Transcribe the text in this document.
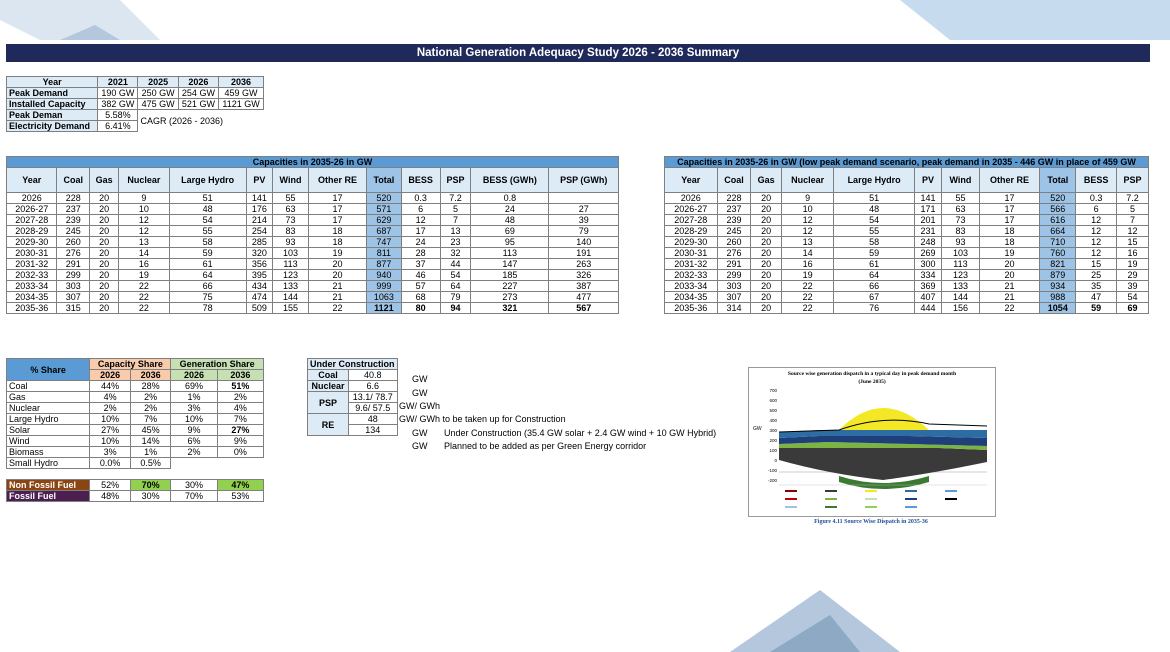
National Generation Adequacy Study 2026 - 2036 Summary
Year	2021	2025	2026	2036
Peak Demand	190 GW	250 GW	254 GW	459 GW
Installed Capacity	382 GW	475 GW	521 GW	1121 GW
Peak Deman	5.58%	CAGR (2026 - 2036)		
Electricity Demand	6.41%			
Capacities in 2035-26 in GW												
Year	Coal	Gas	Nuclear	Large Hydro	PV	Wind	Other RE	Total	BESS	PSP	BESS (GWh)	PSP (GWh)
2026	228	20	9	51	141	55	17	520	0.3	7.2	0.8	
2026-27	237	20	10	48	176	63	17	571	6	5	24	27
2027-28	239	20	12	54	214	73	17	629	12	7	48	39
2028-29	245	20	12	55	254	83	18	687	17	13	69	79
2029-30	260	20	13	58	285	93	18	747	24	23	95	140
2030-31	276	20	14	59	320	103	19	811	28	32	113	191
2031-32	291	20	16	61	356	113	20	877	37	44	147	263
2032-33	299	20	19	64	395	123	20	940	46	54	185	326
2033-34	303	20	22	66	434	133	21	999	57	64	227	387
2034-35	307	20	22	75	474	144	21	1063	68	79	273	477
2035-36	315	20	22	78	509	155	22	1121	80	94	321	567
Capacities in 2035-26 in GW (low peak demand scenario, peak demand in 2035 - 446 GW in place of 459 GW										
Year	Coal	Gas	Nuclear	Large Hydro	PV	Wind	Other RE	Total	BESS	PSP
2026	228	20	9	51	141	55	17	520	0.3	7.2
2026-27	237	20	10	48	171	63	17	566	6	5
2027-28	239	20	12	54	201	73	17	616	12	7
2028-29	245	20	12	55	231	83	18	664	12	12
2029-30	260	20	13	58	248	93	18	710	12	15
2030-31	276	20	14	59	269	103	19	760	12	16
2031-32	291	20	16	61	300	113	20	821	15	19
2032-33	299	20	19	64	334	123	20	879	25	29
2033-34	303	20	22	66	369	133	21	934	35	39
2034-35	307	20	22	67	407	144	21	988	47	54
2035-36	314	20	22	76	444	156	22	1054	59	69
% Share	Capacity Share		Generation Share	
	2026	2036	2026	2036
Coal	44%	28%	69%	51%
Gas	4%	2%	1%	2%
Nuclear	2%	2%	3%	4%
Large Hydro	10%	7%	10%	7%
Solar	27%	45%	9%	27%
Wind	10%	14%	6%	9%
Biomass	3%	1%	2%	0%
Small Hydro	0.0%	0.5%		

Non Fossil Fuel	52%	70%	30%	47%
Fossil Fuel	48%	30%	70%	53%
Under Construction	
Coal	40.8
Nuclear	6.6
PSP	13.1/ 78.7
	9.6/ 57.5
RE	48
	134
GW
GW
GW/ GWh
GW/ GWh to be taken up for Construction
GW Under Construction (35.4 GW solar + 2.4 GW wind + 10 GW Hybrid)
GW Planned to be added as per Green Energy corridor
Source wise generation dispatch in a typical day in peak demand month
(June 2035)
GW
700
600
500
400
300
200
100
0
-100
-200
Figure 4.11 Source Wise Dispatch in 2035-36
